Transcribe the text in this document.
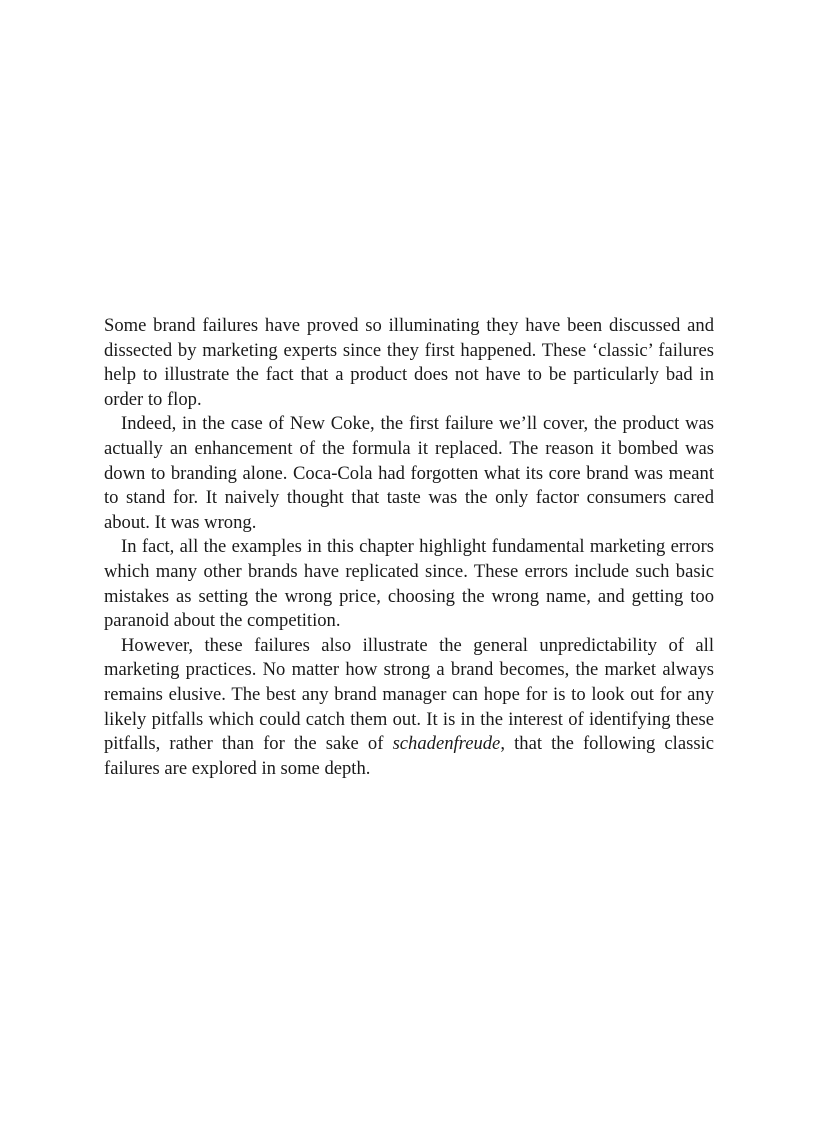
Some brand failures have proved so illuminating they have been discussed and dissected by marketing experts since they first happened. These ‘classic’ failures help to illustrate the fact that a product does not have to be particularly bad in order to flop.

Indeed, in the case of New Coke, the first failure we’ll cover, the product was actually an enhancement of the formula it replaced. The reason it bombed was down to branding alone. Coca-Cola had forgotten what its core brand was meant to stand for. It naively thought that taste was the only factor consumers cared about. It was wrong.

In fact, all the examples in this chapter highlight fundamental marketing errors which many other brands have replicated since. These errors include such basic mistakes as setting the wrong price, choosing the wrong name, and getting too paranoid about the competition.

However, these failures also illustrate the general unpredictability of all marketing practices. No matter how strong a brand becomes, the market always remains elusive. The best any brand manager can hope for is to look out for any likely pitfalls which could catch them out. It is in the interest of identifying these pitfalls, rather than for the sake of schadenfreude, that the following classic failures are explored in some depth.
